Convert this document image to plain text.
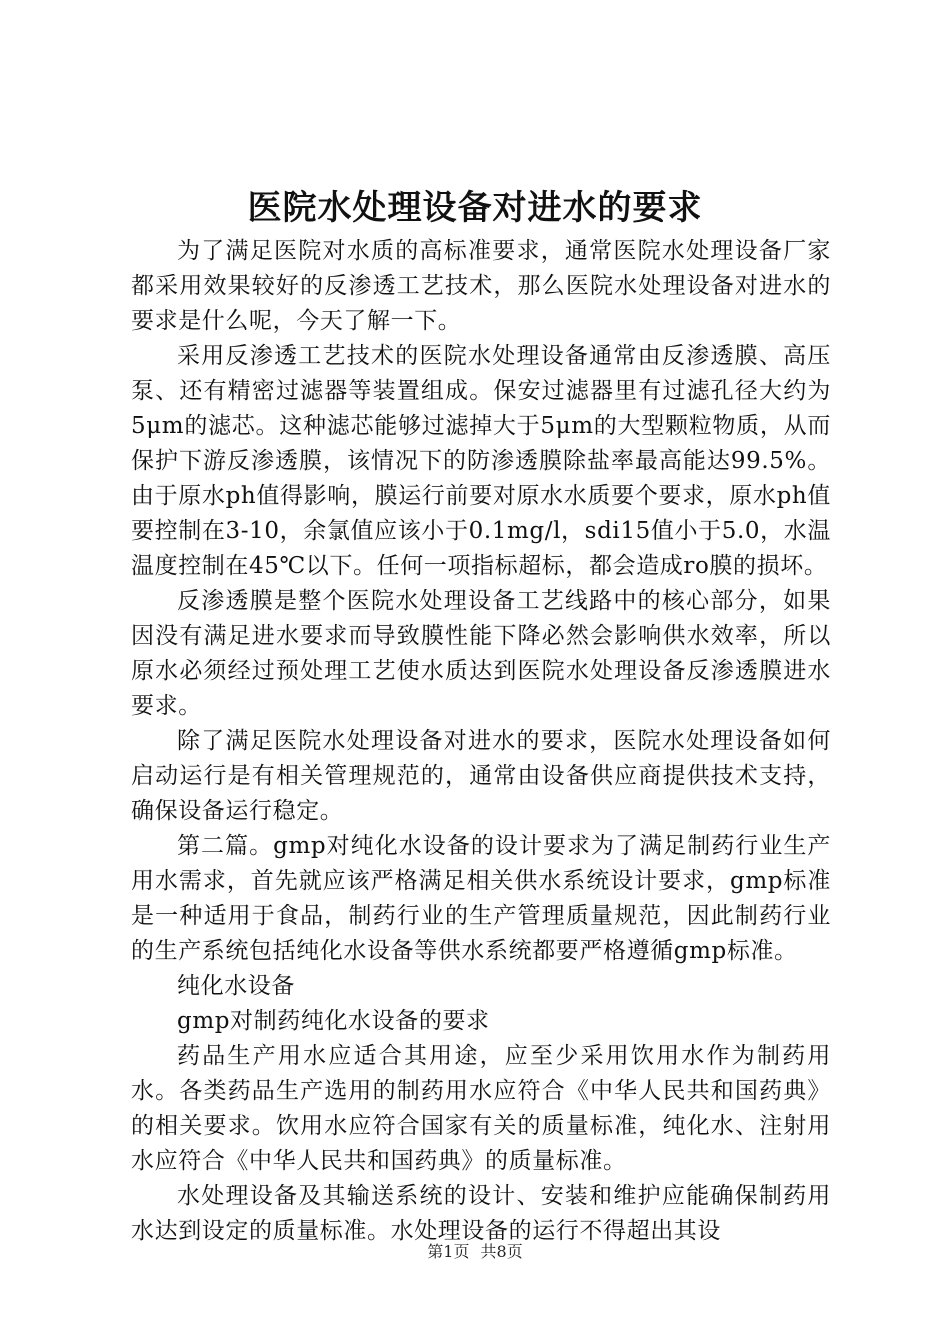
医院水处理设备对进水的要求

为了满足医院对水质的高标准要求，通常医院水处理设备厂家都采用效果较好的反渗透工艺技术，那么医院水处理设备对进水的要求是什么呢，今天了解一下。

采用反渗透工艺技术的医院水处理设备通常由反渗透膜、高压泵、还有精密过滤器等装置组成。保安过滤器里有过滤孔径大约为5μm的滤芯。这种滤芯能够过滤掉大于5μm的大型颗粒物质，从而保护下游反渗透膜，该情况下的防渗透膜除盐率最高能达99.5%。由于原水ph值得影响，膜运行前要对原水水质要个要求，原水ph值要控制在3-10，余氯值应该小于0.1mg/l，sdi15值小于5.0，水温温度控制在45℃以下。任何一项指标超标，都会造成ro膜的损坏。

反渗透膜是整个医院水处理设备工艺线路中的核心部分，如果因没有满足进水要求而导致膜性能下降必然会影响供水效率，所以原水必须经过预处理工艺使水质达到医院水处理设备反渗透膜进水要求。

除了满足医院水处理设备对进水的要求，医院水处理设备如何启动运行是有相关管理规范的，通常由设备供应商提供技术支持，确保设备运行稳定。

第二篇。gmp对纯化水设备的设计要求为了满足制药行业生产用水需求，首先就应该严格满足相关供水系统设计要求，gmp标准是一种适用于食品，制药行业的生产管理质量规范，因此制药行业的生产系统包括纯化水设备等供水系统都要严格遵循gmp标准。

纯化水设备

gmp对制药纯化水设备的要求

药品生产用水应适合其用途，应至少采用饮用水作为制药用水。各类药品生产选用的制药用水应符合《中华人民共和国药典》的相关要求。饮用水应符合国家有关的质量标准，纯化水、注射用水应符合《中华人民共和国药典》的质量标准。

水处理设备及其输送系统的设计、安装和维护应能确保制药用水达到设定的质量标准。水处理设备的运行不得超出其设

第1页 共8页
